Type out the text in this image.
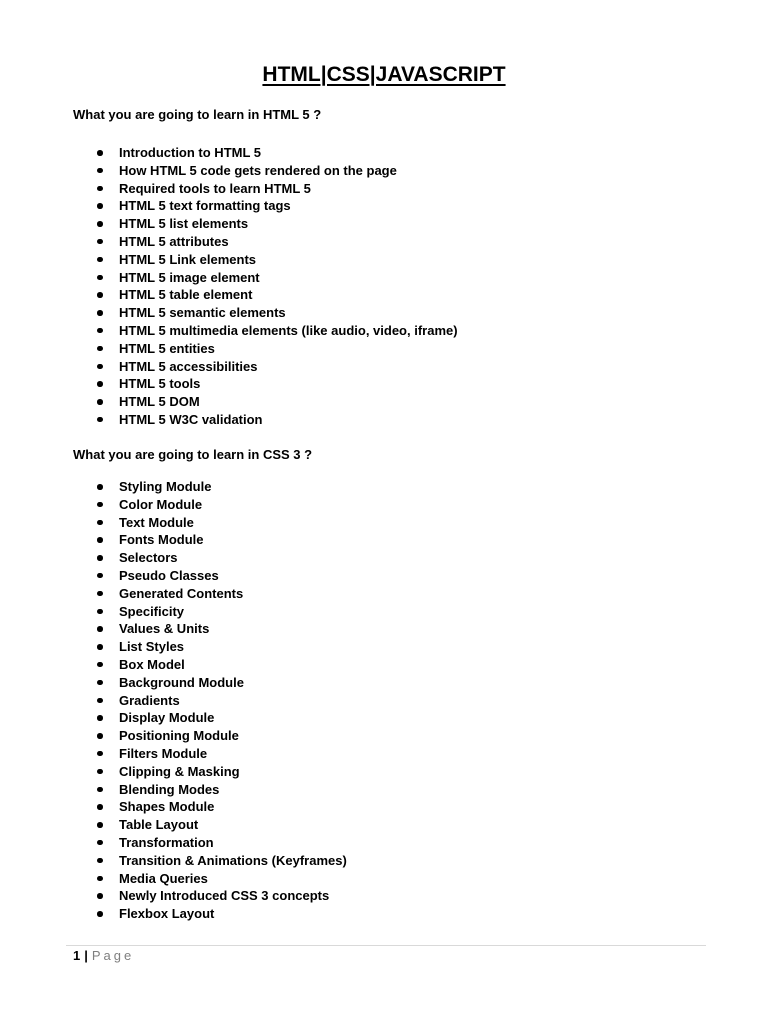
HTML|CSS|JAVASCRIPT
What you are going to learn in HTML 5 ?
Introduction to HTML 5
How HTML 5 code gets rendered on the page
Required tools to learn HTML 5
HTML 5 text formatting tags
HTML 5 list elements
HTML 5 attributes
HTML 5 Link elements
HTML 5 image element
HTML 5 table element
HTML 5 semantic elements
HTML 5 multimedia elements (like audio, video, iframe)
HTML 5 entities
HTML 5 accessibilities
HTML 5 tools
HTML 5 DOM
HTML 5 W3C validation
What you are going to learn in CSS 3 ?
Styling Module
Color Module
Text Module
Fonts Module
Selectors
Pseudo Classes
Generated Contents
Specificity
Values & Units
List Styles
Box Model
Background Module
Gradients
Display Module
Positioning Module
Filters Module
Clipping & Masking
Blending Modes
Shapes Module
Table Layout
Transformation
Transition & Animations (Keyframes)
Media Queries
Newly Introduced CSS 3 concepts
Flexbox Layout
1 | Page
